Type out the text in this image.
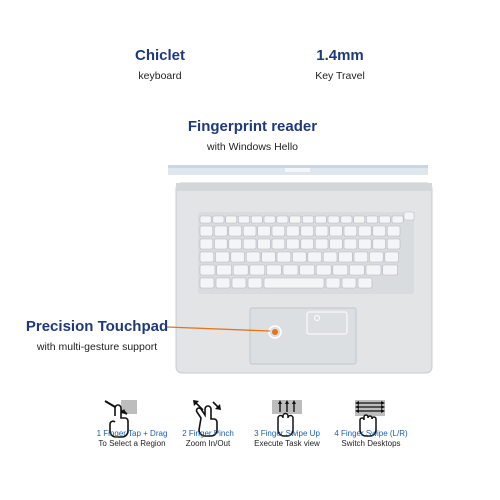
Chiclet
keyboard
1.4mm
Key Travel
Fingerprint reader
with Windows Hello
Precision Touchpad
with multi-gesture support
1 Finger Tap + Drag
To Select a Region
2 Finger Pinch
Zoom In/Out
3 Finger Swipe Up
Execute Task view
4 Finger Swipe (L/R)
Switch Desktops
